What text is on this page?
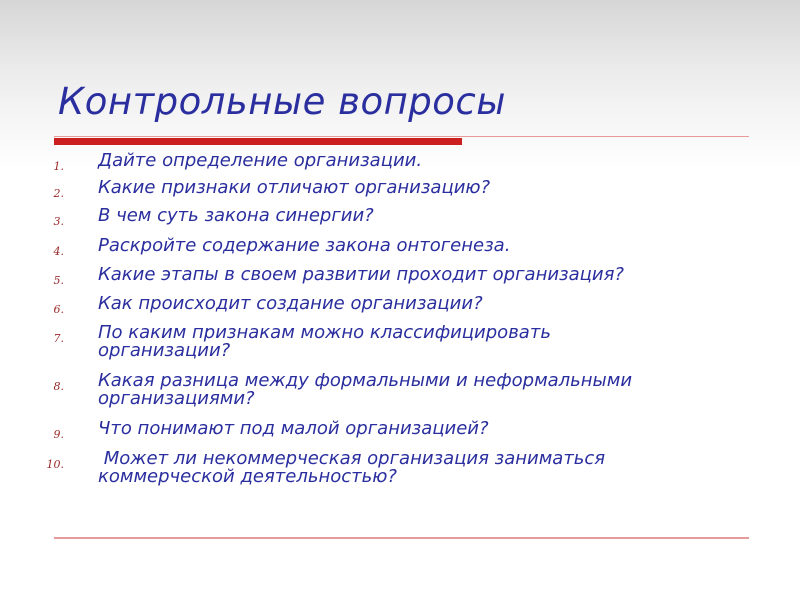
Контрольные вопросы
1. Дайте определение организации.
2. Какие признаки отличают организацию?
3. В чем суть закона синергии?
4. Раскройте содержание закона онтогенеза.
5. Какие этапы в своем развитии проходит организация?
6. Как происходит создание организации?
7. По каким признакам можно классифицировать
организации?
8. Какая разница между формальными и неформальными
организациями?
9. Что понимают под малой организацией?
10.	Может ли некоммерческая организация заниматься
коммерческой деятельностью?
